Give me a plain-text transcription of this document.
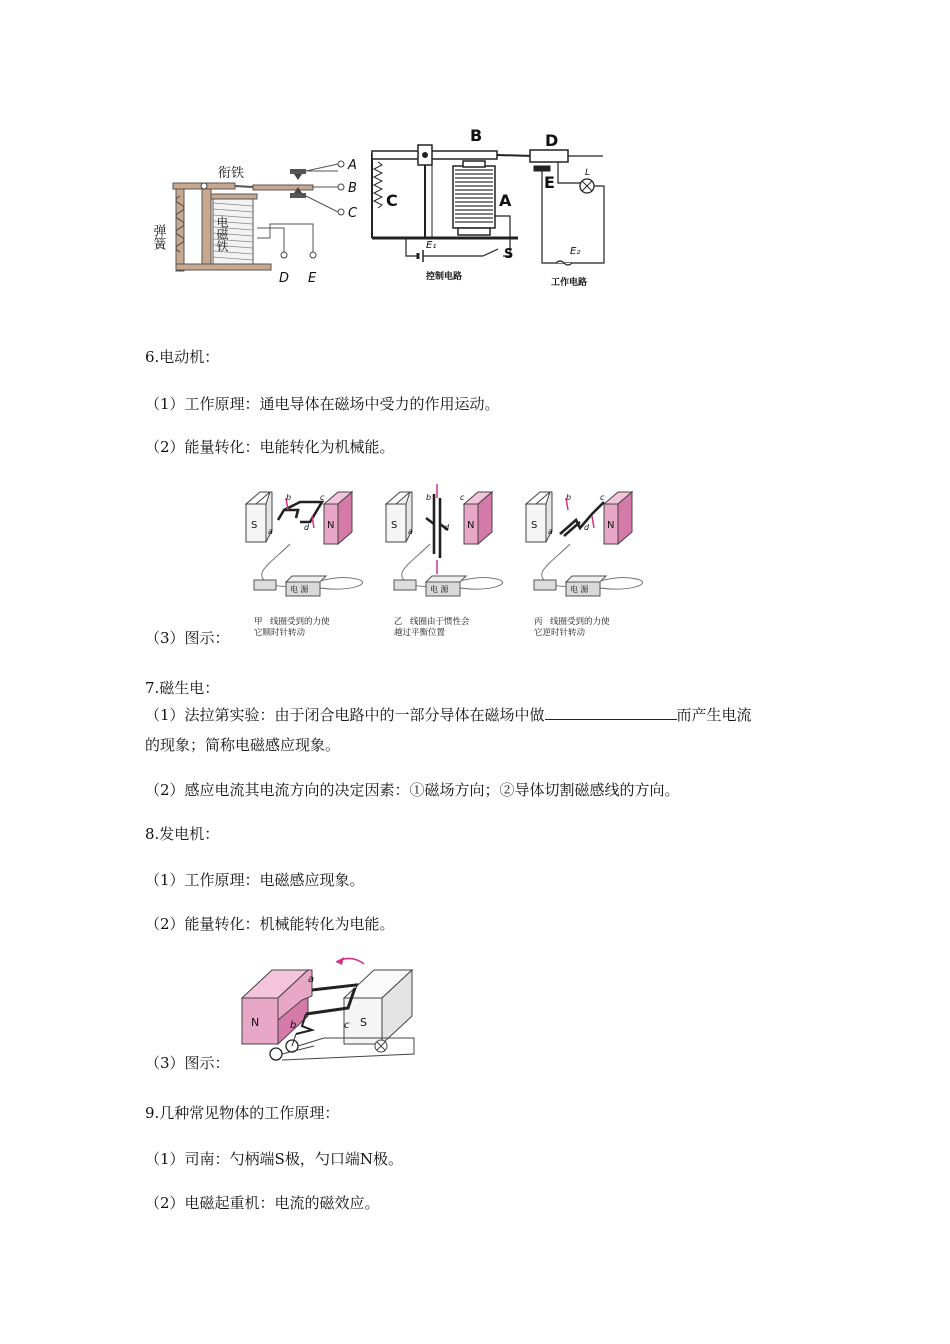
弹簧	电磁铁
衔铁
A
B
C
D E
B	D
C	A
E
S
E₁
E₂
L
控制电路
工作电路
6.电动机：
（1）工作原理：通电导体在磁场中受力的作用运动。
（2）能量转化：电能转化为机械能。
S	N
电 源
a
b	c
d
甲 线圈受到的力使
它顺时针转动
S	N
电 源
a
b	c
d
乙 线圈由于惯性会
越过平衡位置
S	N
电 源
a
b	c
d
丙 线圈受到的力使
它逆时针转动
（3）图示：
7.磁生电：
（1）法拉第实验：由于闭合电路中的一部分导体在磁场中做	而产生电流
的现象；简称电磁感应现象。
（2）感应电流其电流方向的决定因素：①磁场方向；②导体切割磁感线的方向。
8.发电机：
（1）工作原理：电磁感应现象。
（2）能量转化：机械能转化为电能。
N	S
a
b	c
（3）图示：
9.几种常见物体的工作原理：
（1）司南：勺柄端S极，勺口端N极。
（2）电磁起重机：电流的磁效应。
